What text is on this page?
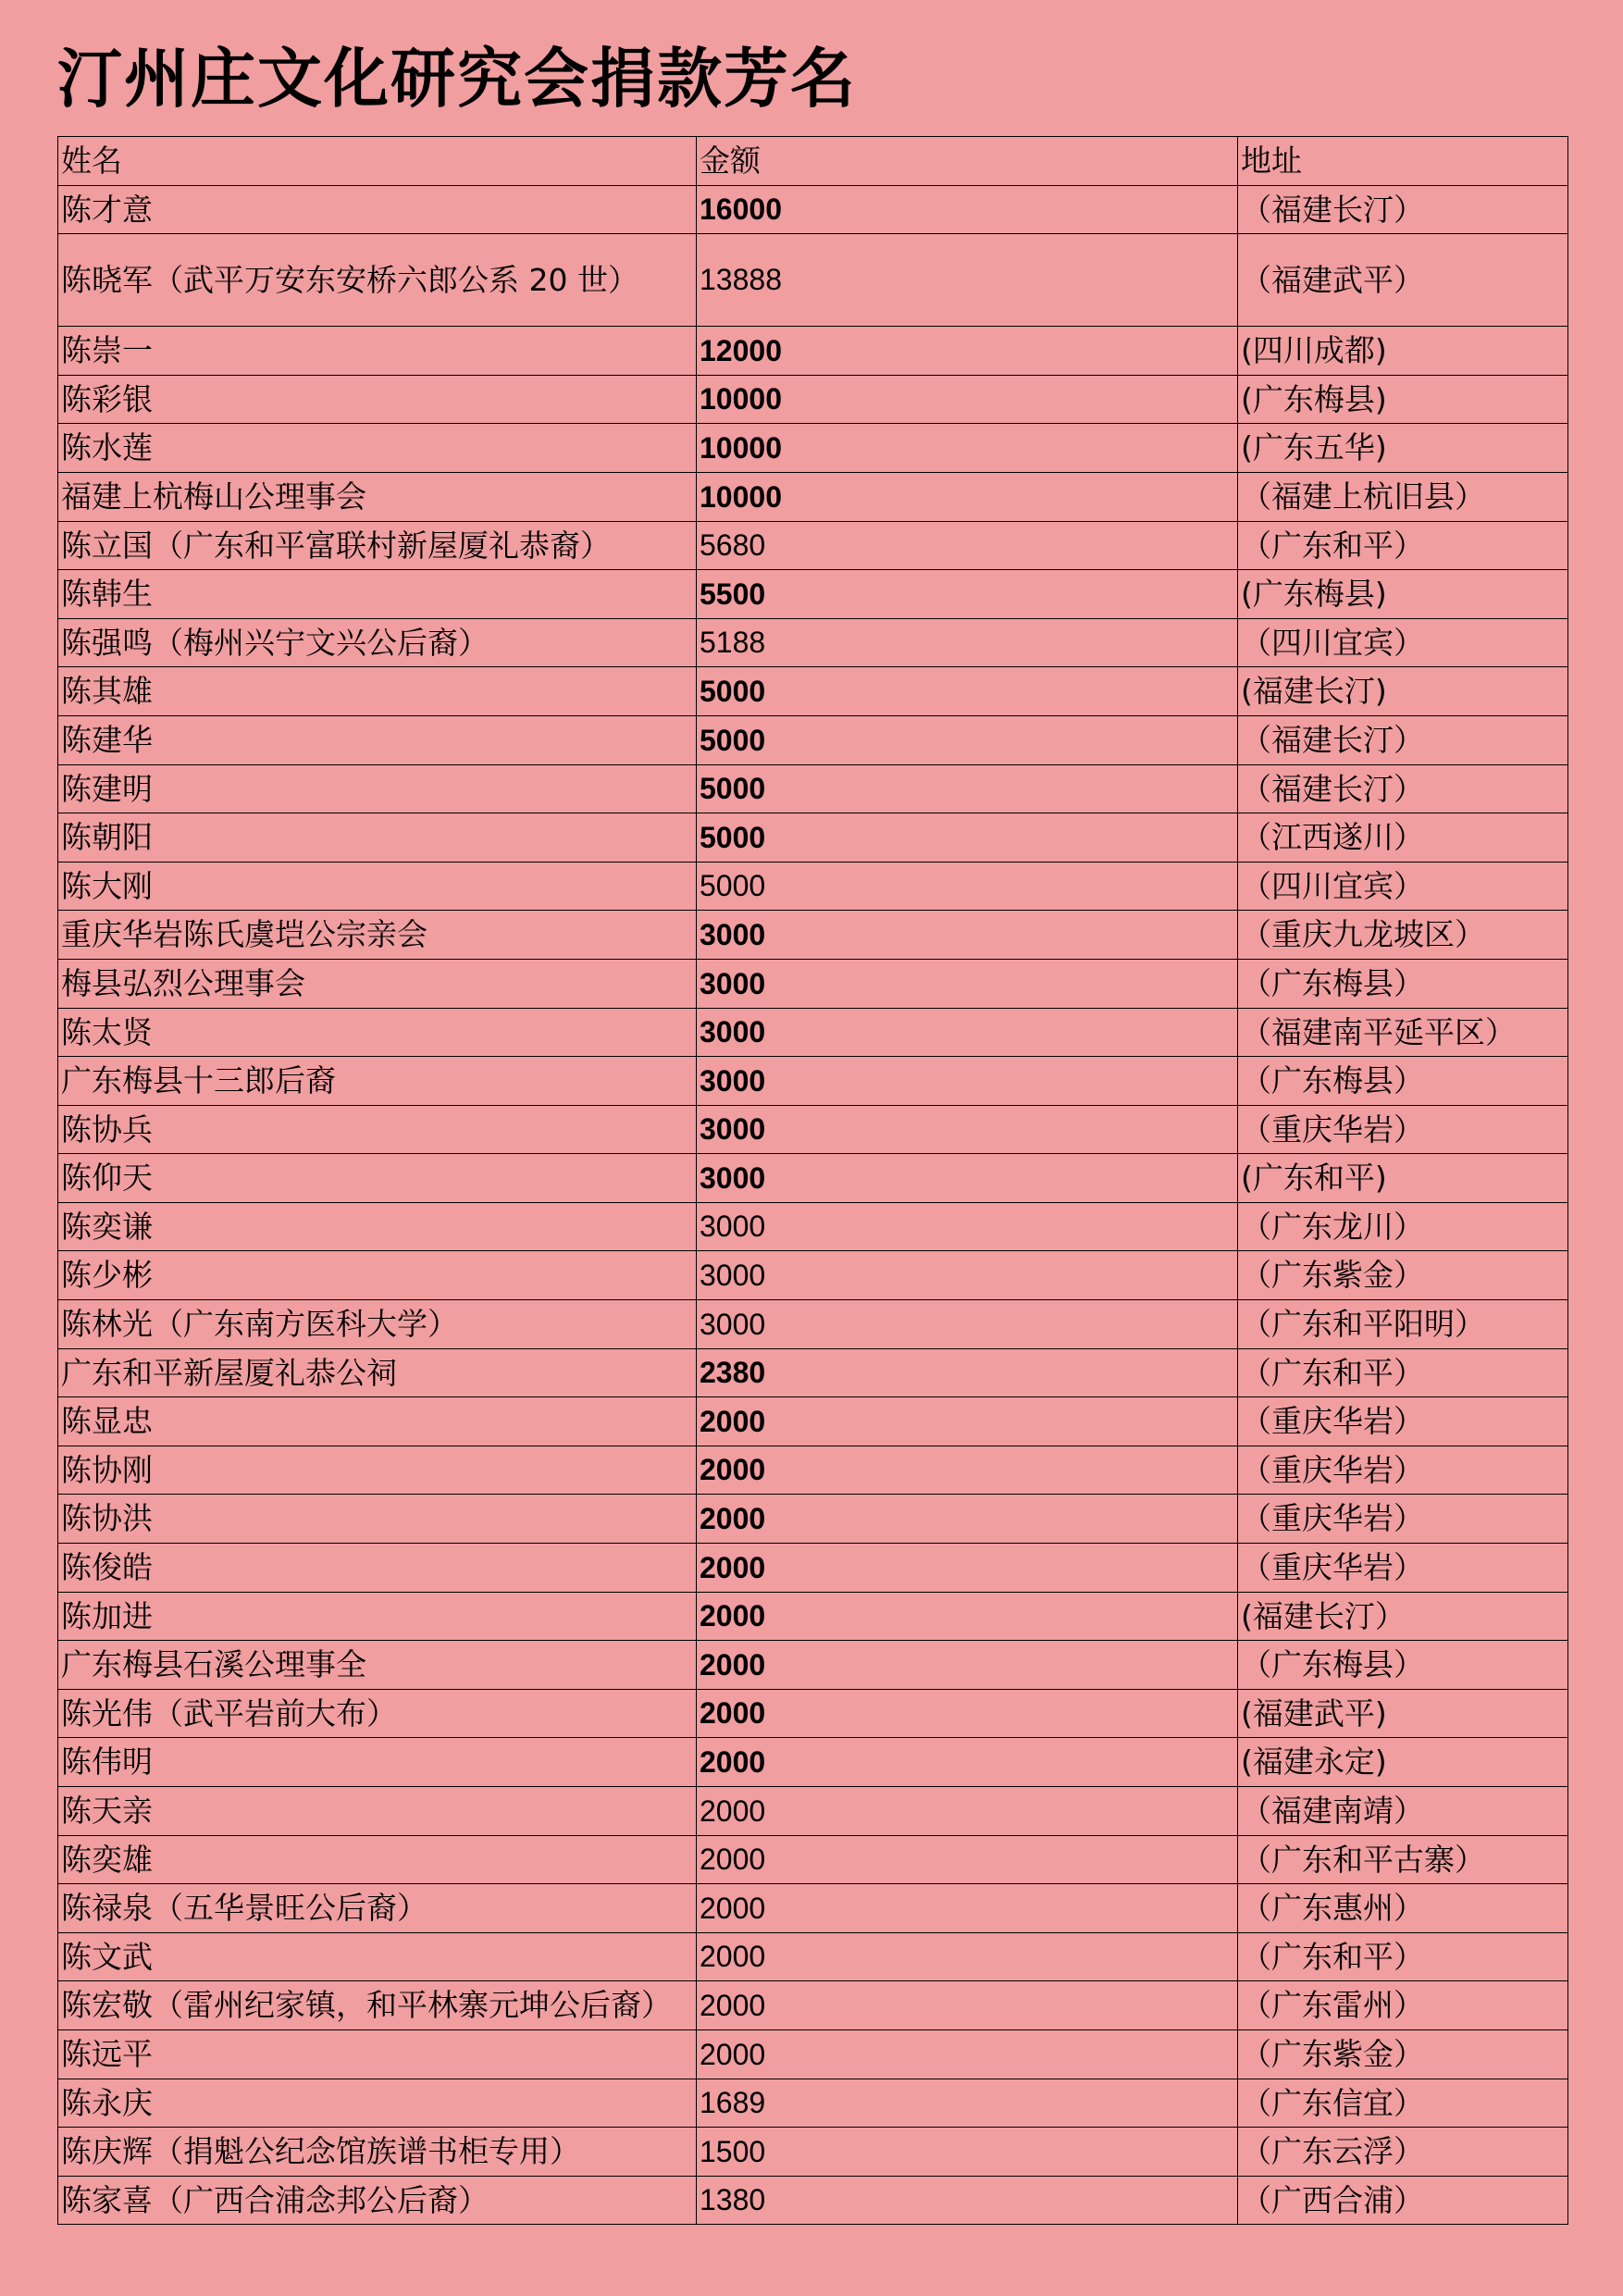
汀州庄文化研究会捐款芳名
姓名	金额	地址
陈才意	16000	（福建长汀）
陈晓军（武平万安东安桥六郎公系 20 世）	13888	（福建武平）
陈崇一	12000	(四川成都)
陈彩银	10000	(广东梅县)
陈水莲	10000	(广东五华)
福建上杭梅山公理事会	10000	（福建上杭旧县）
陈立国（广东和平富联村新屋厦礼恭裔）	5680	（广东和平）
陈韩生	5500	(广东梅县)
陈强鸣（梅州兴宁文兴公后裔）	5188	（四川宜宾）
陈其雄	5000	(福建长汀)
陈建华	5000	（福建长汀）
陈建明	5000	（福建长汀）
陈朝阳	5000	（江西遂川）
陈大刚	5000	（四川宜宾）
重庆华岩陈氏虞垲公宗亲会	3000	（重庆九龙坡区）
梅县弘烈公理事会	3000	（广东梅县）
陈太贤	3000	（福建南平延平区）
广东梅县十三郎后裔	3000	（广东梅县）
陈协兵	3000	（重庆华岩）
陈仰天	3000	(广东和平)
陈奕谦	3000	（广东龙川）
陈少彬	3000	（广东紫金）
陈林光（广东南方医科大学）	3000	（广东和平阳明）
广东和平新屋厦礼恭公祠	2380	（广东和平）
陈显忠	2000	（重庆华岩）
陈协刚	2000	（重庆华岩）
陈协洪	2000	（重庆华岩）
陈俊皓	2000	（重庆华岩）
陈加进	2000	(福建长汀）
广东梅县石溪公理事全	2000	（广东梅县）
陈光伟（武平岩前大布）	2000	(福建武平)
陈伟明	2000	(福建永定)
陈天亲	2000	（福建南靖）
陈奕雄	2000	（广东和平古寨）
陈禄泉（五华景旺公后裔）	2000	（广东惠州）
陈文武	2000	（广东和平）
陈宏敬（雷州纪家镇，和平林寨元坤公后裔）	2000	（广东雷州）
陈远平	2000	（广东紫金）
陈永庆	1689	（广东信宜）
陈庆辉（捐魁公纪念馆族谱书柜专用）	1500	（广东云浮）
陈家喜（广西合浦念邦公后裔）	1380	（广西合浦）
